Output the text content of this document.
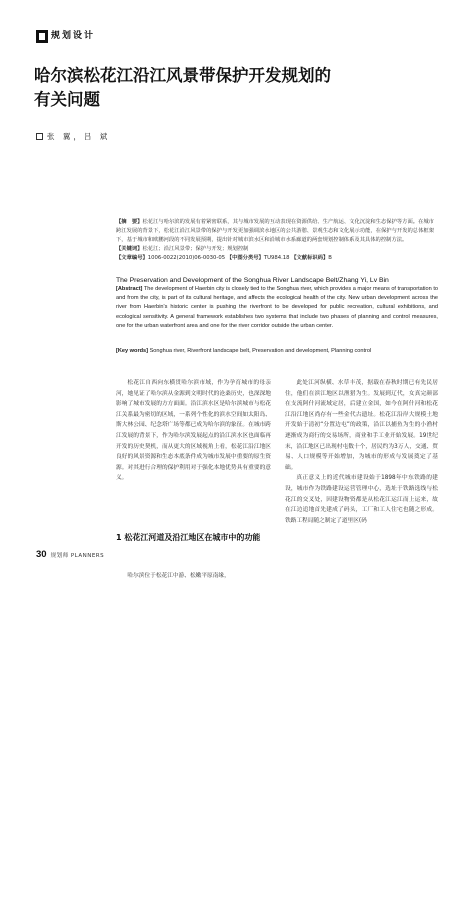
规划设计
哈尔滨松花江沿江风景带保护开发规划的
有关问题
张 翼，吕 斌
【摘　要】松花江与哈尔滨的发展有着紧密联系，其与城市发展的互动表现在资源供给、生产航运、文化沉淀和生态保护等方面。在城市跨江发展的背景下，松花江沿江风景带的保护与开发更加强调滨水地区的公共游憩、景观生态和文化展示功能，在保护与开发的总体框架下，基于城市和欧鹏河段的不同发展预期，提出针对城市滨水区和沿城市水系廊道的两套规划控制体系及其具体的控制方法。
【关键词】松花江；沿江风景带；保护与开发；规划控制
【文章编号】1006-0022(2010)06-0030-05 【中图分类号】TU984.18 【文献标识码】B
The Preservation and Development of the Songhua River Landscape Belt/Zhang Yi, Lv Bin
[Abstract] The development of Haerbin city is closely tied to the Songhua river, which provides a major means of transportation to and from the city, is part of its cultural heritage, and affects the ecological health of the city. New urban development across the river from Haerbin's historic center is pushing the riverfront to be developed for public recreation, cultural exhibitions, and ecological sensitivity. A general framework establishes two systems that include two phases of planning and control measures, one for the urban waterfront area and one for the river corridor outside the urban center.
[Key words] Songhua river, Riverfront landscape belt, Preservation and development, Planning control

松花江自西向东横贯哈尔滨市域，作为孕育城市的母亲河，她见证了哈尔滨从金源到文明时代的沧桑历史，也深深地影响了城市发展的方方面面。沿江滨水区是哈尔滨城市与松花江关系最为密切的区域，一系列个性化的滨水空间如太阳岛、斯大林公园、纪念塔广场等都已成为哈尔滨的象征。在城市跨江发展的背景下，作为哈尔滨发展起点的沿江滨水区也面临再开发的历史契机，而从更大的区域视角上看，松花江沿江地区良好的风景资源和生态本底条件成为城市发展中重要的原生资源。对其进行合理的保护利用对于强化本地优势具有重要的意义。

1 松花江河道及沿江地区在城市中的功能

哈尔滨位于松花江中游、松嫩平原南缘，

此处江河纵横、水草丰茂，据载在春秋时期已有先民居住，他们在滨江地区以渔猎为生。发展到辽代，女真完颜部在支流阿什河流域定居，后建立金国，如今在阿什河和松花江沿江地区尚存有一些金代古遗址。松花江沿岸大规模土地开发始于清初“分置边屯”的政策，沿江以捕鱼为生的小渔村逐渐成为商行的交易场所，商业和手工业开始发展。19世纪末，沿江地区已出现村屯数十个，居民约为3万人，交通、贸易、人口规模等开始增加，为城市的形成与发展奠定了基础。

真正意义上的近代城市建设始于1898年中东铁路的建设，城市作为铁路建设运营管理中心，选址于铁路选线与松花江的交叉处，因建设物资都是从松花江运江而上运来，故在江边追地首先建成了码头，工厂和工人住宅也随之形成。铁路工程局随之制定了道里区(码

30 规划师 PLANNERS
